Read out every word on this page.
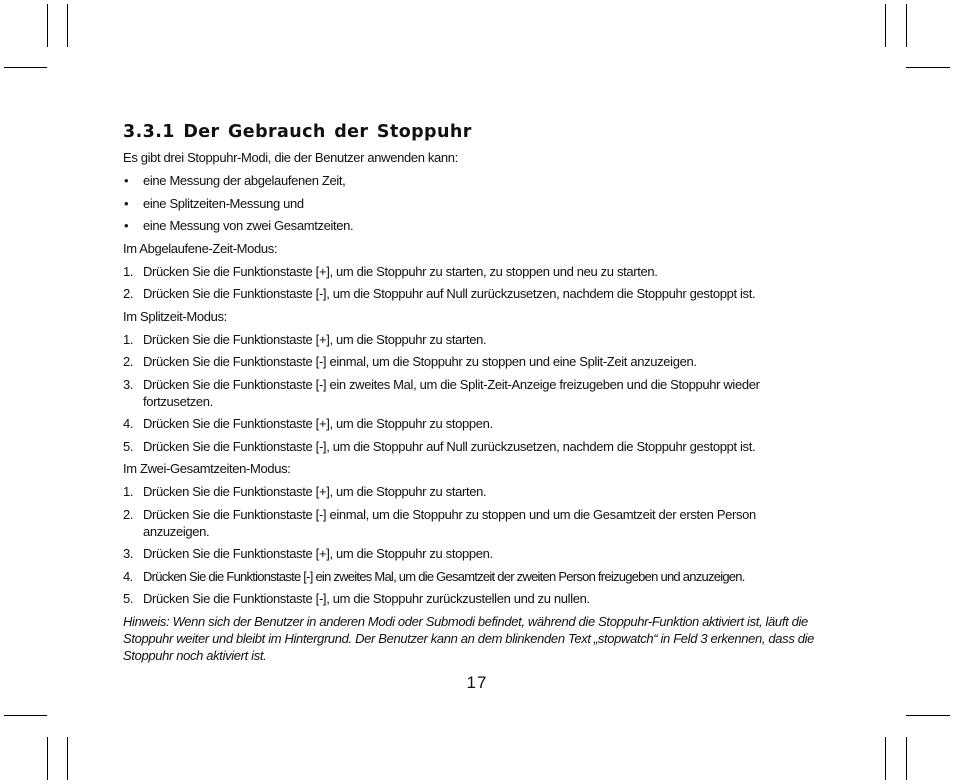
3.3.1 Der Gebrauch der Stoppuhr

Es gibt drei Stoppuhr-Modi, die der Benutzer anwenden kann:

• eine Messung der abgelaufenen Zeit,
• eine Splitzeiten-Messung und
• eine Messung von zwei Gesamtzeiten.

Im Abgelaufene-Zeit-Modus:

1. Drücken Sie die Funktionstaste [+], um die Stoppuhr zu starten, zu stoppen und neu zu starten.
2. Drücken Sie die Funktionstaste [-], um die Stoppuhr auf Null zurückzusetzen, nachdem die Stoppuhr gestoppt ist.

Im Splitzeit-Modus:

1. Drücken Sie die Funktionstaste [+], um die Stoppuhr zu starten.
2. Drücken Sie die Funktionstaste [-] einmal, um die Stoppuhr zu stoppen und eine Split-Zeit anzuzeigen.
3. Drücken Sie die Funktionstaste [-] ein zweites Mal, um die Split-Zeit-Anzeige freizugeben und die Stoppuhr wieder fortzusetzen.
4. Drücken Sie die Funktionstaste [+], um die Stoppuhr zu stoppen.
5. Drücken Sie die Funktionstaste [-], um die Stoppuhr auf Null zurückzusetzen, nachdem die Stoppuhr gestoppt ist.

Im Zwei-Gesamtzeiten-Modus:

1. Drücken Sie die Funktionstaste [+], um die Stoppuhr zu starten.
2. Drücken Sie die Funktionstaste [-] einmal, um die Stoppuhr zu stoppen und um die Gesamtzeit der ersten Person anzuzeigen.
3. Drücken Sie die Funktionstaste [+], um die Stoppuhr zu stoppen.
4. Drücken Sie die Funktionstaste [-] ein zweites Mal, um die Gesamtzeit der zweiten Person freizugeben und anzuzeigen.
5. Drücken Sie die Funktionstaste [-], um die Stoppuhr zurückzustellen und zu nullen.

Hinweis: Wenn sich der Benutzer in anderen Modi oder Submodi befindet, während die Stoppuhr-Funktion aktiviert ist, läuft die Stoppuhr weiter und bleibt im Hintergrund. Der Benutzer kann an dem blinkenden Text „stopwatch“ in Feld 3 erkennen, dass die Stoppuhr noch aktiviert ist.

17
